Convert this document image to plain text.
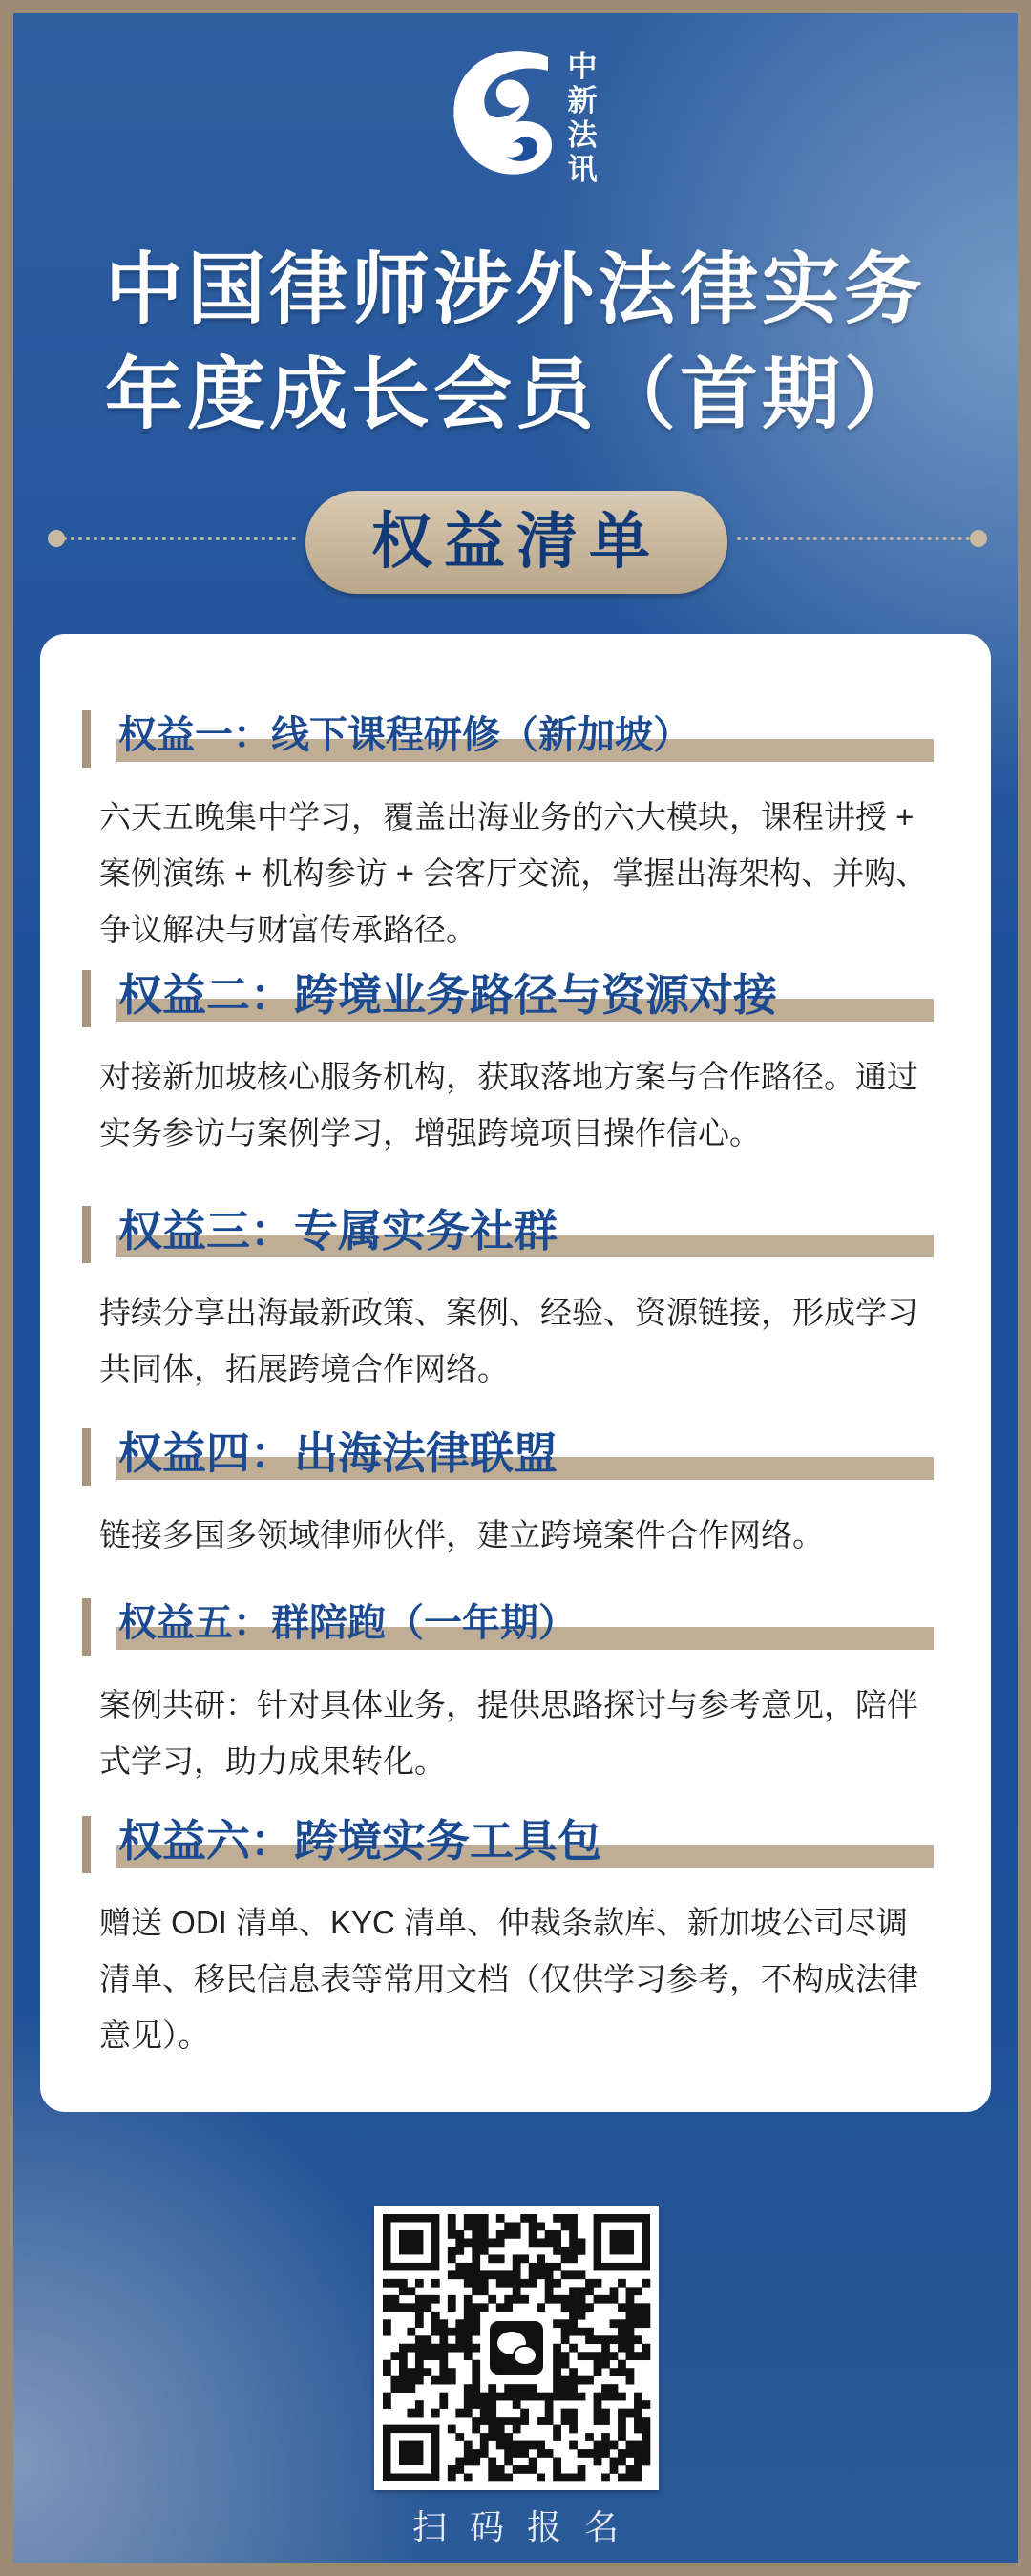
中
新
法
讯
中国律师涉外法律实务
年度成长会员（首期）
权益清单
权益一：线下课程研修（新加坡）
六天五晚集中学习，覆盖出海业务的六大模块，课程讲授 + 案例演练 + 机构参访 + 会客厅交流，掌握出海架构、并购、争议解决与财富传承路径。
权益二：跨境业务路径与资源对接
对接新加坡核心服务机构，获取落地方案与合作路径。通过实务参访与案例学习，增强跨境项目操作信心。
权益三：专属实务社群
持续分享出海最新政策、案例、经验、资源链接，形成学习共同体，拓展跨境合作网络。
权益四：出海法律联盟
链接多国多领域律师伙伴，建立跨境案件合作网络。
权益五：群陪跑（一年期）
案例共研：针对具体业务，提供思路探讨与参考意见，陪伴式学习，助力成果转化。
权益六：跨境实务工具包
赠送 ODI 清单、KYC 清单、仲裁条款库、新加坡公司尽调清单、移民信息表等常用文档（仅供学习参考，不构成法律意见）。
扫码报名
